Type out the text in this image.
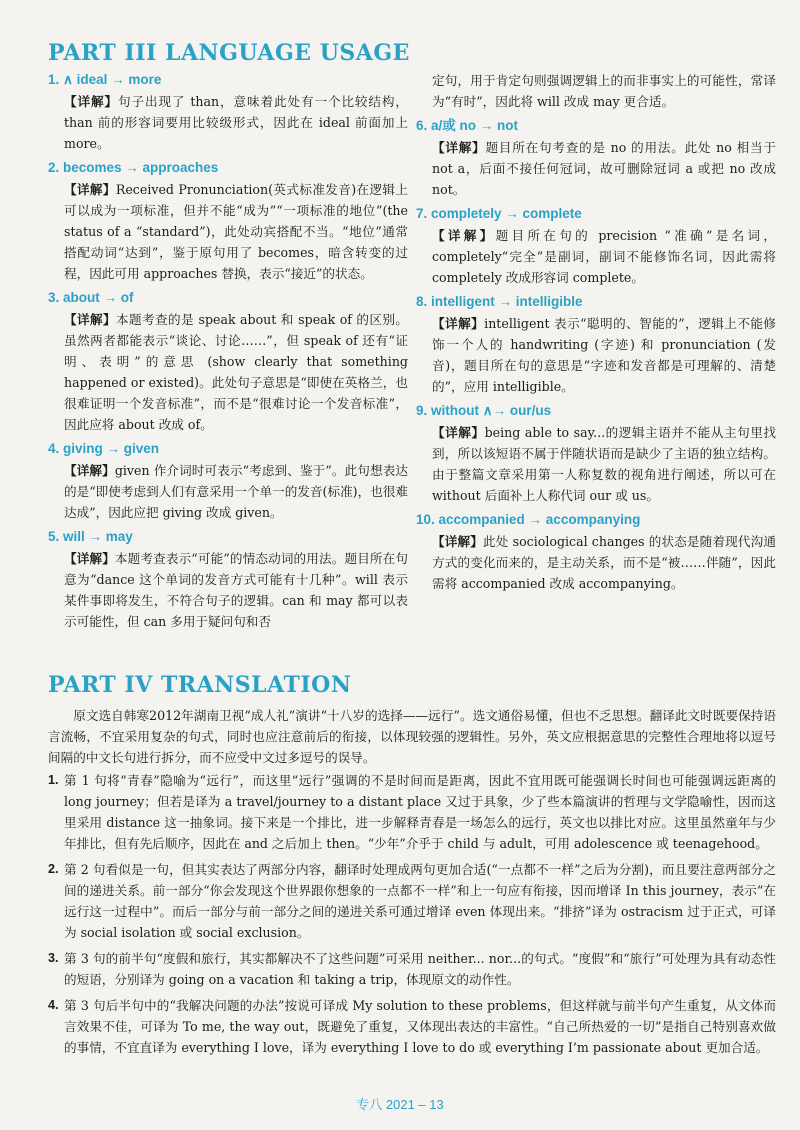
PART III LANGUAGE USAGE
1. ∧ ideal → more
【详解】句子出现了 than，意味着此处有一个比较结构，than 前的形容词要用比较级形式，因此在 ideal 前面加上 more。
2. becomes → approaches
【详解】Received Pronunciation(英式标准发音)在逻辑上可以成为一项标准，但并不能“成为”“一项标准的地位”(the status of a “standard”)，此处动宾搭配不当。“地位”通常搭配动词“达到”，鉴于原句用了 becomes，暗含转变的过程，因此可用 approaches 替换，表示“接近”的状态。
3. about → of
【详解】本题考查的是 speak about 和 speak of 的区别。虽然两者都能表示“谈论、讨论……”，但 speak of 还有“证明、表明”的意思 (show clearly that something happened or existed)。此处句子意思是“即使在英格兰，也很难证明一个发音标准”，而不是“很难讨论一个发音标准”，因此应将 about 改成 of。
4. giving → given
【详解】given 作介词时可表示“考虑到、鉴于”。此句想表达的是“即使考虑到人们有意采用一个单一的发音(标准)，也很难达成”，因此应把 giving 改成 given。
5. will → may
【详解】本题考查表示“可能”的情态动词的用法。题目所在句意为“dance 这个单词的发音方式可能有十几种”。will 表示某件事即将发生，不符合句子的逻辑。can 和 may 都可以表示可能性，但 can 多用于疑问句和否
定句，用于肯定句则强调逻辑上的而非事实上的可能性，常译为“有时”，因此将 will 改成 may 更合适。
6. a/或 no → not
【详解】题目所在句考查的是 no 的用法。此处 no 相当于 not a，后面不接任何冠词，故可删除冠词 a 或把 no 改成 not。
7. completely → complete
【详解】题目所在句的 precision “准确”是名词，completely“完全”是副词，副词不能修饰名词，因此需将 completely 改成形容词 complete。
8. intelligent → intelligible
【详解】intelligent 表示“聪明的、智能的”，逻辑上不能修饰一个人的 handwriting (字迹) 和 pronunciation (发音)，题目所在句的意思是“字迹和发音都是可理解的、清楚的”，应用 intelligible。
9. without ∧→ our/us
【详解】being able to say...的逻辑主语并不能从主句里找到，所以该短语不属于伴随状语而是缺少了主语的独立结构。由于整篇文章采用第一人称复数的视角进行阐述，所以可在 without 后面补上人称代词 our 或 us。
10. accompanied → accompanying
【详解】此处 sociological changes 的状态是随着现代沟通方式的变化而来的，是主动关系，而不是“被……伴随”，因此需将 accompanied 改成 accompanying。
PART IV TRANSLATION

原文选自韩寒2012年湖南卫视“成人礼”演讲“十八岁的选择——远行”。选文通俗易懂，但也不乏思想。翻译此文时既要保持语言流畅，不宜采用复杂的句式，同时也应注意前后的衔接，以体现较强的逻辑性。另外，英文应根据意思的完整性合理地将以逗号间隔的中文长句进行拆分，而不应受中文过多逗号的误导。

1. 第 1 句将“青春”隐喻为“远行”，而这里“远行”强调的不是时间而是距离，因此不宜用既可能强调长时间也可能强调远距离的 long journey；但若是译为 a travel/journey to a distant place 又过于具象，少了些本篇演讲的哲理与文学隐喻性，因而这里采用 distance 这一抽象词。接下来是一个排比，进一步解释青春是一场怎么的远行，英文也以排比对应。这里虽然童年与少年排比，但有先后顺序，因此在 and 之后加上 then。“少年”介乎于 child 与 adult，可用 adolescence 或 teenagehood。
2. 第 2 句看似是一句，但其实表达了两部分内容，翻译时处理成两句更加合适(“一点都不一样”之后为分割)，而且要注意两部分之间的递进关系。前一部分“你会发现这个世界跟你想象的一点都不一样”和上一句应有衔接，因而增译 In this journey，表示“在远行这一过程中”。而后一部分与前一部分之间的递进关系可通过增译 even 体现出来。“排挤”译为 ostracism 过于正式，可译为 social isolation 或 social exclusion。
3. 第 3 句的前半句“度假和旅行，其实都解决不了这些问题”可采用 neither... nor...的句式。“度假”和“旅行”可处理为具有动态性的短语，分别译为 going on a vacation 和 taking a trip，体现原文的动作性。
4. 第 3 句后半句中的“我解决问题的办法”按说可译成 My solution to these problems，但这样就与前半句产生重复，从文体而言效果不佳，可译为 To me, the way out，既避免了重复，又体现出表达的丰富性。“自己所热爱的一切”是指自己特别喜欢做的事情，不宜直译为 everything I love，译为 everything I love to do 或 everything I’m passionate about 更加合适。
专八 2021 – 13
